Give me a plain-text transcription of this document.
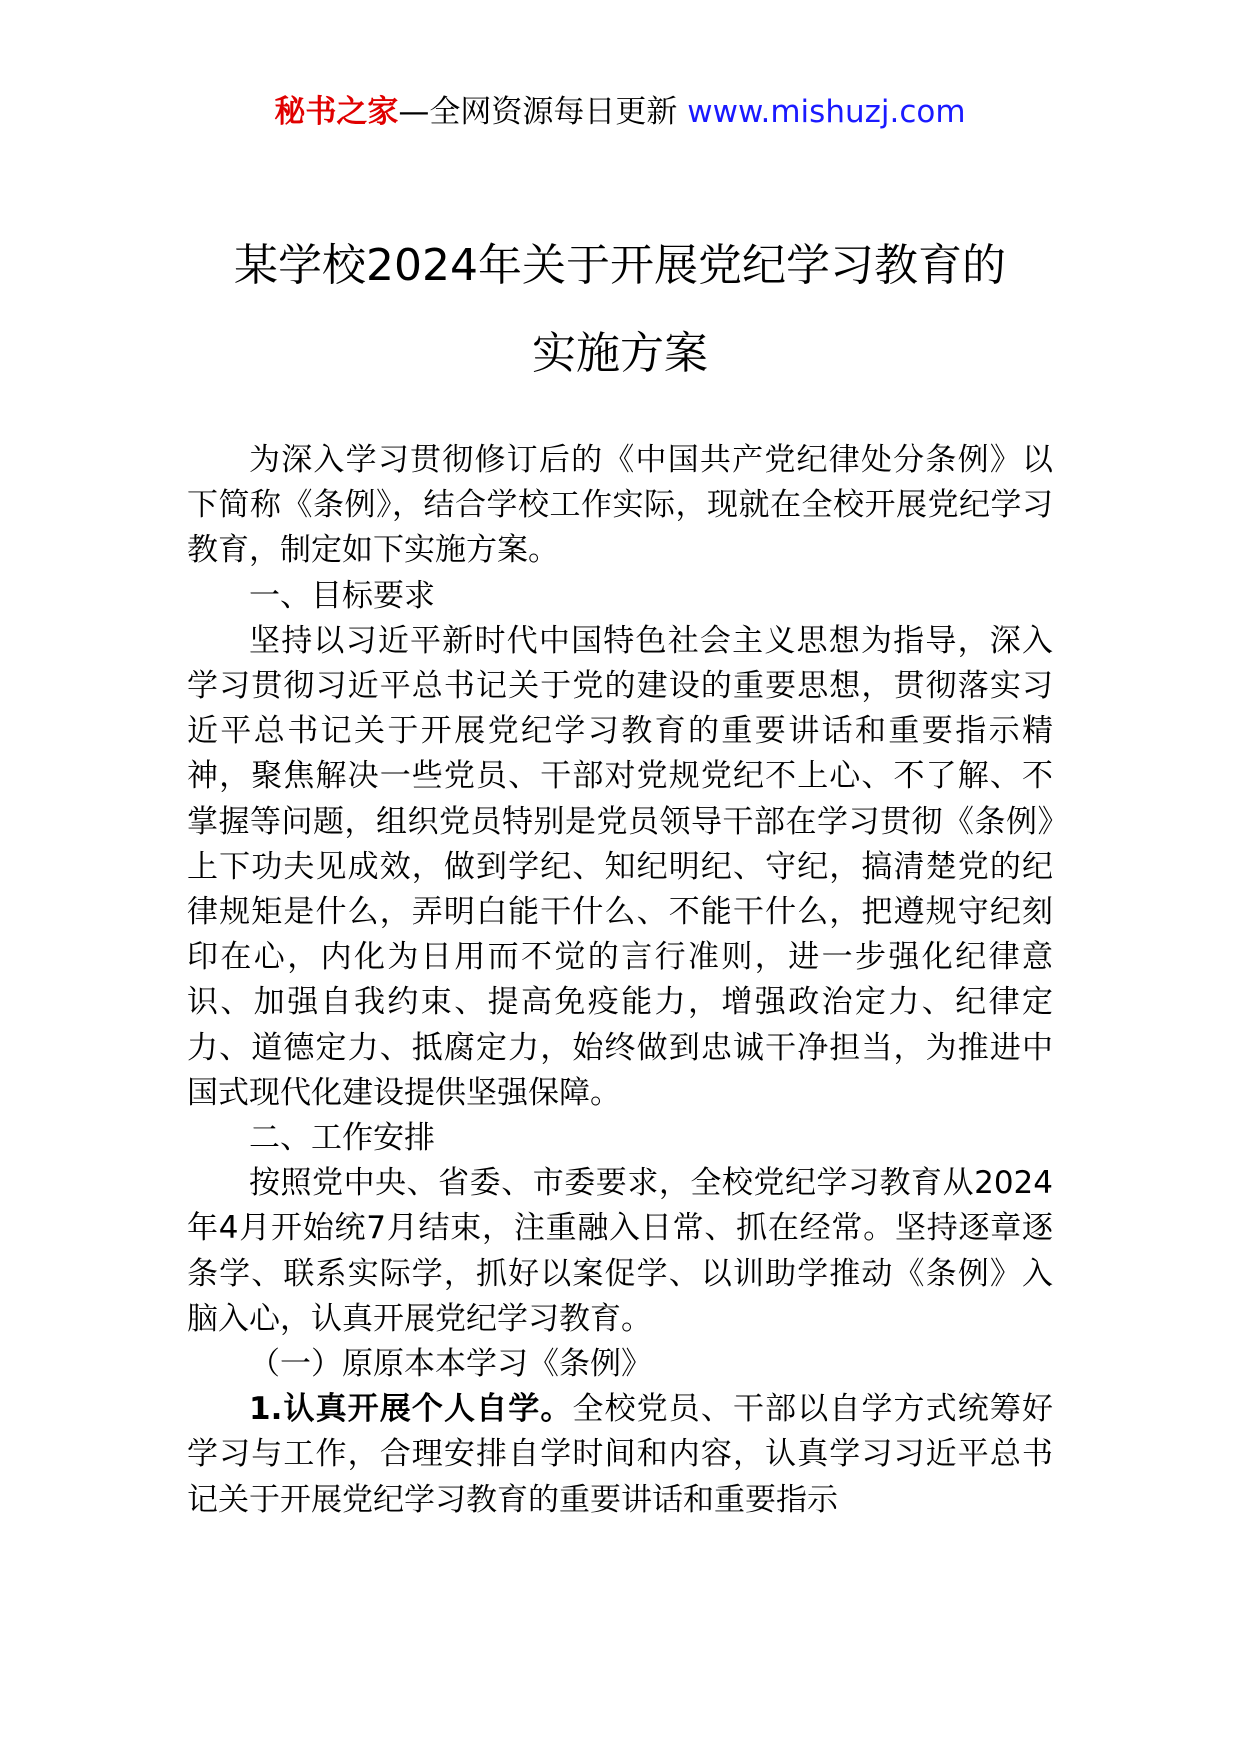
秘书之家—全网资源每日更新 www.mishuzj.com
某学校2024年关于开展党纪学习教育的
实施方案

为深入学习贯彻修订后的《中国共产党纪律处分条例》以下简称《条例》，结合学校工作实际，现就在全校开展党纪学习教育，制定如下实施方案。

一、目标要求

坚持以习近平新时代中国特色社会主义思想为指导，深入学习贯彻习近平总书记关于党的建设的重要思想，贯彻落实习近平总书记关于开展党纪学习教育的重要讲话和重要指示精神，聚焦解决一些党员、干部对党规党纪不上心、不了解、不掌握等问题，组织党员特别是党员领导干部在学习贯彻《条例》上下功夫见成效，做到学纪、知纪明纪、守纪，搞清楚党的纪律规矩是什么，弄明白能干什么、不能干什么，把遵规守纪刻印在心，内化为日用而不觉的言行准则，进一步强化纪律意识、加强自我约束、提高免疫能力，增强政治定力、纪律定力、道德定力、抵腐定力，始终做到忠诚干净担当，为推进中国式现代化建设提供坚强保障。

二、工作安排

按照党中央、省委、市委要求，全校党纪学习教育从2024年4月开始统7月结束，注重融入日常、抓在经常。坚持逐章逐条学、联系实际学，抓好以案促学、以训助学推动《条例》入脑入心，认真开展党纪学习教育。

（一）原原本本学习《条例》

1.认真开展个人自学。全校党员、干部以自学方式统筹好学习与工作，合理安排自学时间和内容，认真学习习近平总书记关于开展党纪学习教育的重要讲话和重要指示
